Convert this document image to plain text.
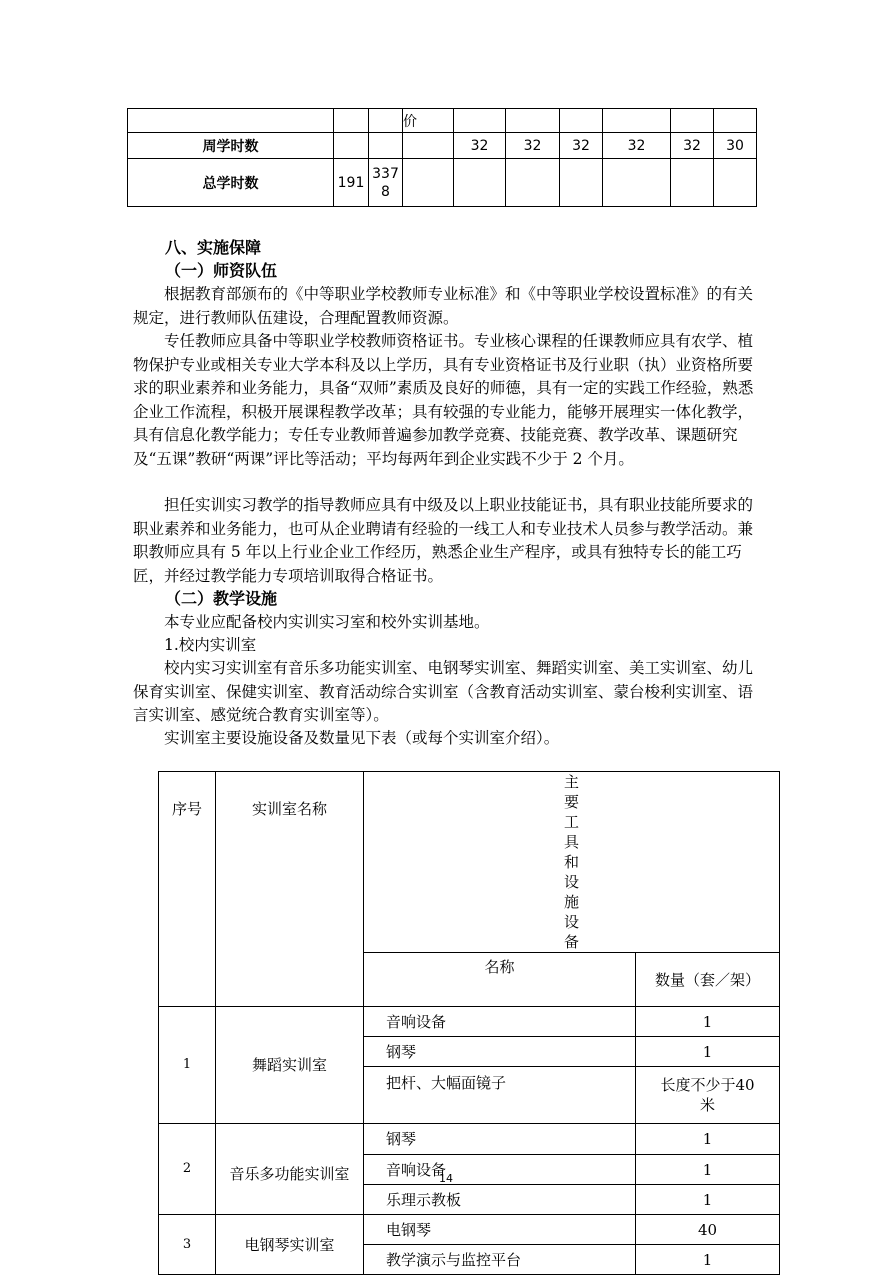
			价						
周学时数				32	32	32	32	32	30
总学时数	191	3378							
八、实施保障
（一）师资队伍
根据教育部颁布的《中等职业学校教师专业标准》和《中等职业学校设置标准》的有关规定，进行教师队伍建设，合理配置教师资源。
专任教师应具备中等职业学校教师资格证书。专业核心课程的任课教师应具有农学、植物保护专业或相关专业大学本科及以上学历，具有专业资格证书及行业职（执）业资格所要求的职业素养和业务能力，具备“双师”素质及良好的师德，具有一定的实践工作经验，熟悉企业工作流程，积极开展课程教学改革；具有较强的专业能力，能够开展理实一体化教学，具有信息化教学能力；专任专业教师普遍参加教学竞赛、技能竞赛、教学改革、课题研究及“五课”教研“两课”评比等活动；平均每两年到企业实践不少于 2 个月。
担任实训实习教学的指导教师应具有中级及以上职业技能证书，具有职业技能所要求的职业素养和业务能力，也可从企业聘请有经验的一线工人和专业技术人员参与教学活动。兼职教师应具有 5 年以上行业企业工作经历，熟悉企业生产程序，或具有独特专长的能工巧匠，并经过教学能力专项培训取得合格证书。
（二）教学设施
本专业应配备校内实训实习室和校外实训基地。
1.校内实训室
校内实习实训室有音乐多功能实训室、电钢琴实训室、舞蹈实训室、美工实训室、幼儿保育实训室、保健实训室、教育活动综合实训室（含教育活动实训室、蒙台梭利实训室、语言实训室、感觉统合教育实训室等）。
实训室主要设施设备及数量见下表（或每个实训室介绍）。
序号	实训室名称	主要工具和设施设备	
		名称	数量（套／架）
1	舞蹈实训室	音响设备	1
		钢琴	1
		把杆、大幅面镜子	长度不少于40 米
2	音乐多功能实训室	钢琴	1
		音响设备	1
		乐理示教板	1
3	电钢琴实训室	电钢琴	40
		教学演示与监控平台	1
14
